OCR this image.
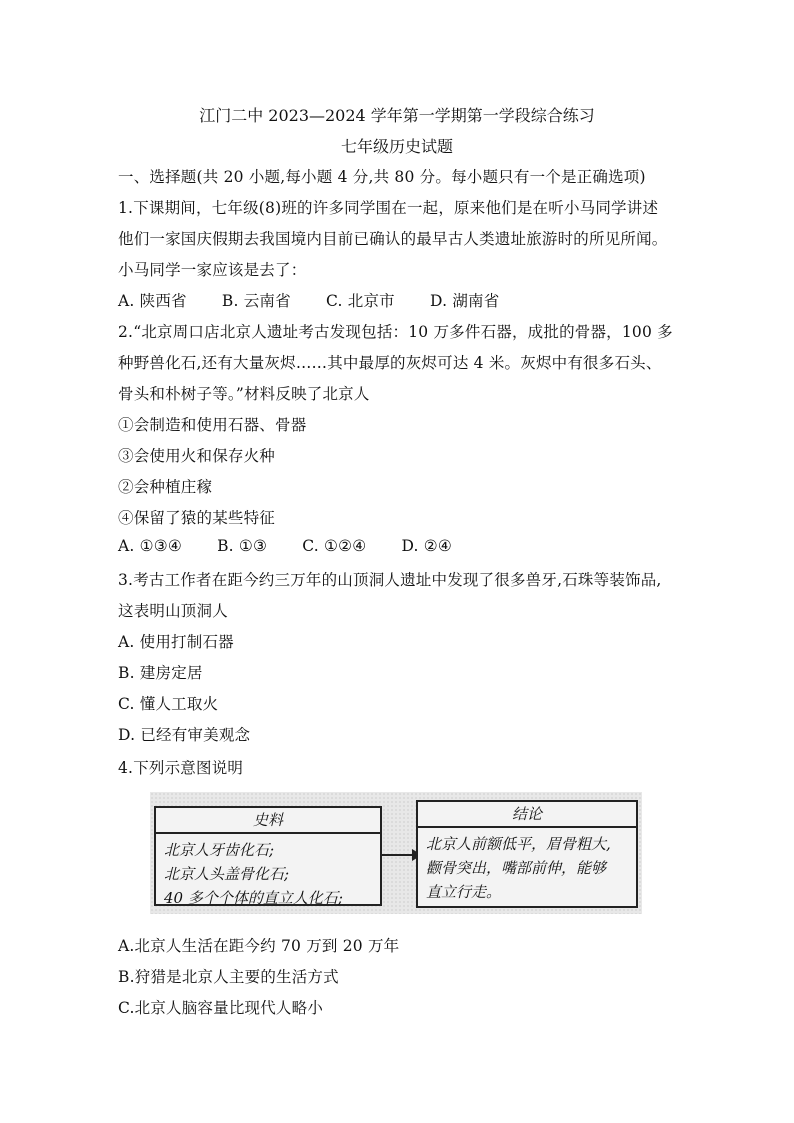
江门二中 2023—2024 学年第一学期第一学段综合练习
七年级历史试题
一、选择题(共 20 小题,每小题 4 分,共 80 分。每小题只有一个是正确选项)
1.下课期间，七年级(8)班的许多同学围在一起，原来他们是在听小马同学讲述
他们一家国庆假期去我国境内目前已确认的最早古人类遗址旅游时的所见所闻。
小马同学一家应该是去了：
A. 陕西省 B. 云南省 C. 北京市 D. 湖南省
2.“北京周口店北京人遗址考古发现包括：10 万多件石器，成批的骨器，100 多
种野兽化石,还有大量灰烬……其中最厚的灰烬可达 4 米。灰烬中有很多石头、
骨头和朴树子等。”材料反映了北京人
①会制造和使用石器、骨器
③会使用火和保存火种
②会种植庄稼
④保留了猿的某些特征
A. ①③④ B. ①③ C. ①②④ D. ②④
3.考古工作者在距今约三万年的山顶洞人遗址中发现了很多兽牙,石珠等装饰品,
这表明山顶洞人
A. 使用打制石器
B. 建房定居
C. 懂人工取火
D. 已经有审美观念
4.下列示意图说明
史料
北京人牙齿化石;
北京人头盖骨化石;
40 多个个体的直立人化石;
结论
北京人前额低平，眉骨粗大,
颧骨突出，嘴部前伸，能够
直立行走。
A.北京人生活在距今约 70 万到 20 万年
B.狩猎是北京人主要的生活方式
C.北京人脑容量比现代人略小
